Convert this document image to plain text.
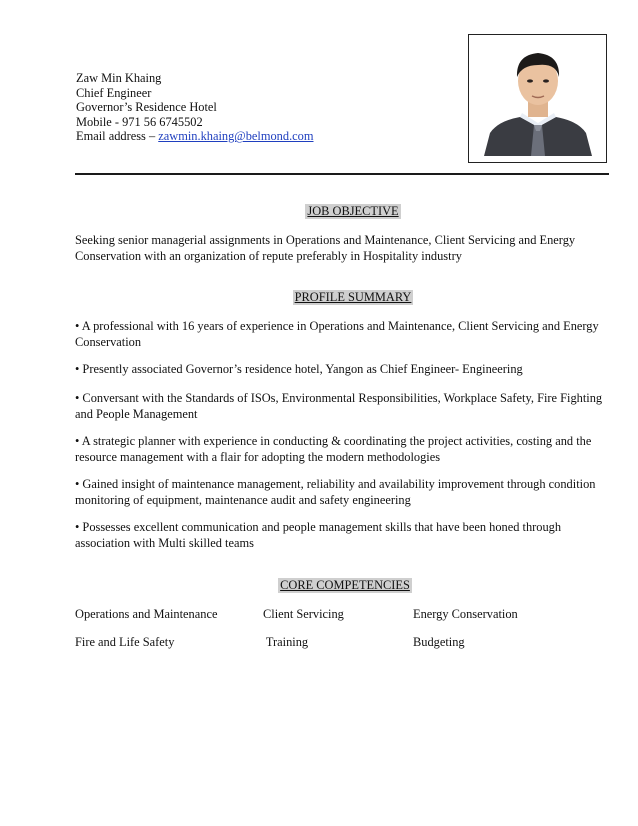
Zaw Min Khaing
Chief Engineer
Governor’s Residence Hotel
Mobile - 971 56 6745502
Email address – zawmin.khaing@belmond.com
JOB OBJECTIVE
Seeking senior managerial assignments in Operations and Maintenance, Client Servicing and Energy Conservation with an organization of repute preferably in Hospitality industry
PROFILE SUMMARY
• A professional with 16 years of experience in Operations and Maintenance, Client Servicing and Energy Conservation
• Presently associated Governor’s residence hotel, Yangon as Chief Engineer- Engineering
• Conversant with the Standards of ISOs, Environmental Responsibilities, Workplace Safety, Fire Fighting and People Management
• A strategic planner with experience in conducting & coordinating the project activities, costing and the resource management with a flair for adopting the modern methodologies
• Gained insight of maintenance management, reliability and availability improvement through condition monitoring of equipment, maintenance audit and safety engineering
• Possesses excellent communication and people management skills that have been honed through association with Multi skilled teams
CORE COMPETENCIES
Operations and Maintenance	Client Servicing	Energy Conservation
Fire and Life Safety	Training	Budgeting
